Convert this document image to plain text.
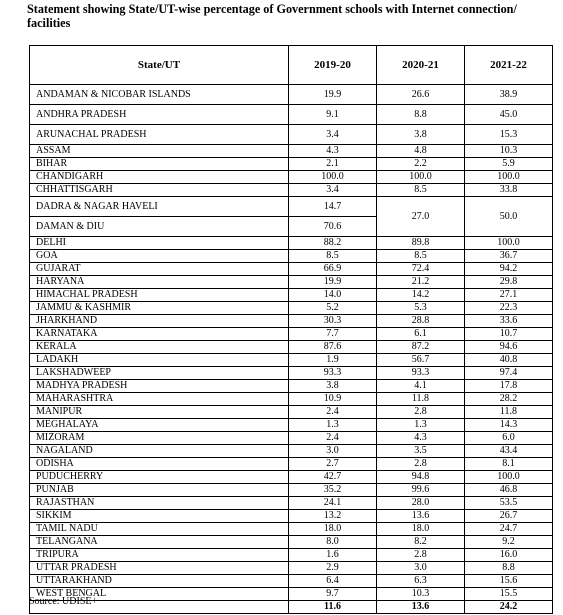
Statement showing State/UT-wise percentage of Government schools with Internet connection/ facilities
State/UT	2019-20	2020-21	2021-22
ANDAMAN & NICOBAR ISLANDS	19.9	26.6	38.9
ANDHRA PRADESH	9.1	8.8	45.0
ARUNACHAL PRADESH	3.4	3.8	15.3
ASSAM	4.3	4.8	10.3
BIHAR	2.1	2.2	5.9
CHANDIGARH	100.0	100.0	100.0
CHHATTISGARH	3.4	8.5	33.8
DADRA & NAGAR HAVELI	14.7	27.0	50.0
DAMAN & DIU	70.6		
DELHI	88.2	89.8	100.0
GOA	8.5	8.5	36.7
GUJARAT	66.9	72.4	94.2
HARYANA	19.9	21.2	29.8
HIMACHAL PRADESH	14.0	14.2	27.1
JAMMU & KASHMIR	5.2	5.3	22.3
JHARKHAND	30.3	28.8	33.6
KARNATAKA	7.7	6.1	10.7
KERALA	87.6	87.2	94.6
LADAKH	1.9	56.7	40.8
LAKSHADWEEP	93.3	93.3	97.4
MADHYA PRADESH	3.8	4.1	17.8
MAHARASHTRA	10.9	11.8	28.2
MANIPUR	2.4	2.8	11.8
MEGHALAYA	1.3	1.3	14.3
MIZORAM	2.4	4.3	6.0
NAGALAND	3.0	3.5	43.4
ODISHA	2.7	2.8	8.1
PUDUCHERRY	42.7	94.8	100.0
PUNJAB	35.2	99.6	46.8
RAJASTHAN	24.1	28.0	53.5
SIKKIM	13.2	13.6	26.7
TAMIL NADU	18.0	18.0	24.7
TELANGANA	8.0	8.2	9.2
TRIPURA	1.6	2.8	16.0
UTTAR PRADESH	2.9	3.0	8.8
UTTARAKHAND	6.4	6.3	15.6
WEST BENGAL	9.7	10.3	15.5
	11.6	13.6	24.2
Source: UDISE+
